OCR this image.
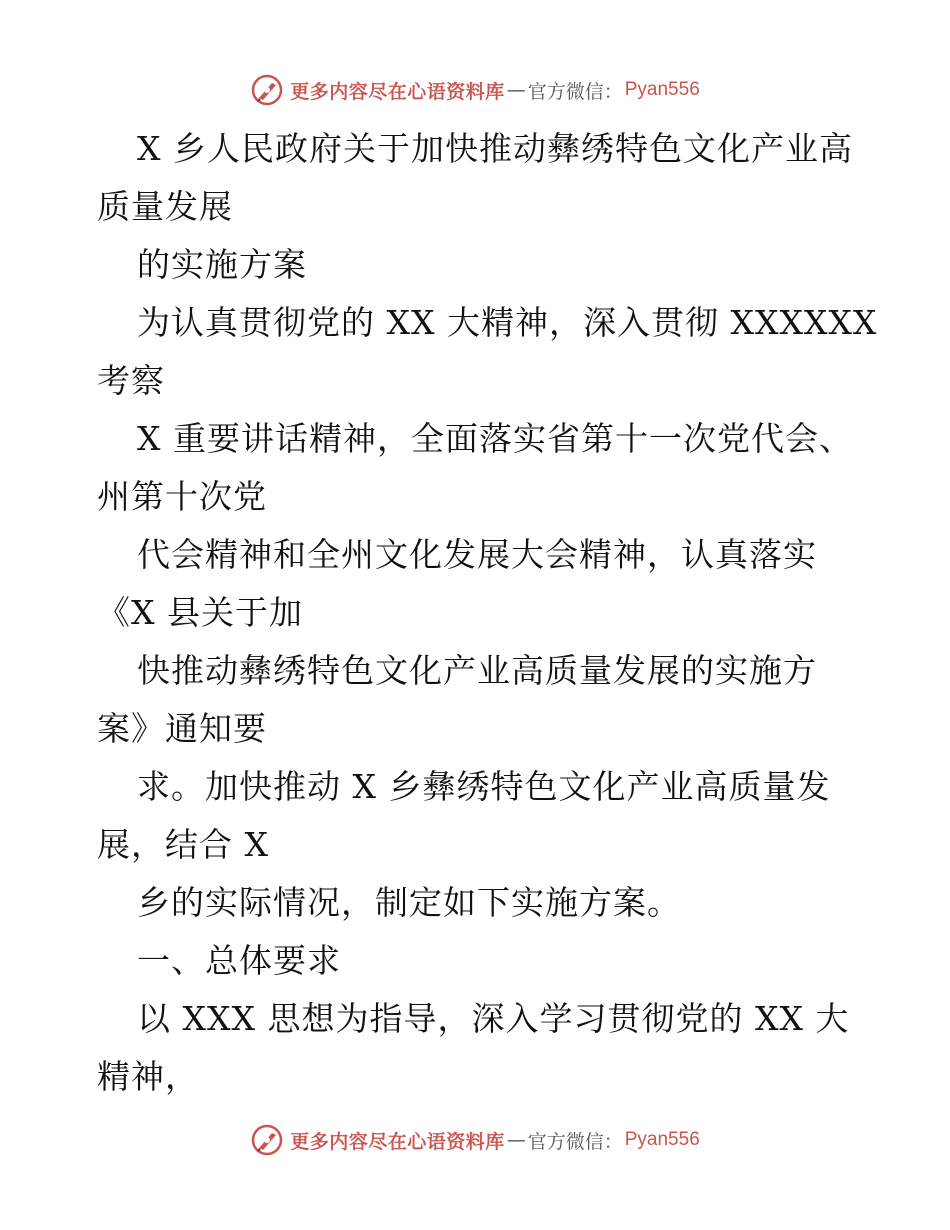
更多内容尽在心语资料库 — 官方微信： Pyan556
X 乡人民政府关于加快推动彝绣特色文化产业高
质量发展
的实施方案
为认真贯彻党的 XX 大精神，深入贯彻 XXXXXX
考察
X 重要讲话精神，全面落实省第十一次党代会、
州第十次党
代会精神和全州文化发展大会精神，认真落实
《X 县关于加
快推动彝绣特色文化产业高质量发展的实施方
案》通知要
求。加快推动 X 乡彝绣特色文化产业高质量发
展，结合 X
乡的实际情况，制定如下实施方案。
一、总体要求
以 XXX 思想为指导，深入学习贯彻党的 XX 大
精神，
更多内容尽在心语资料库 — 官方微信： Pyan556
